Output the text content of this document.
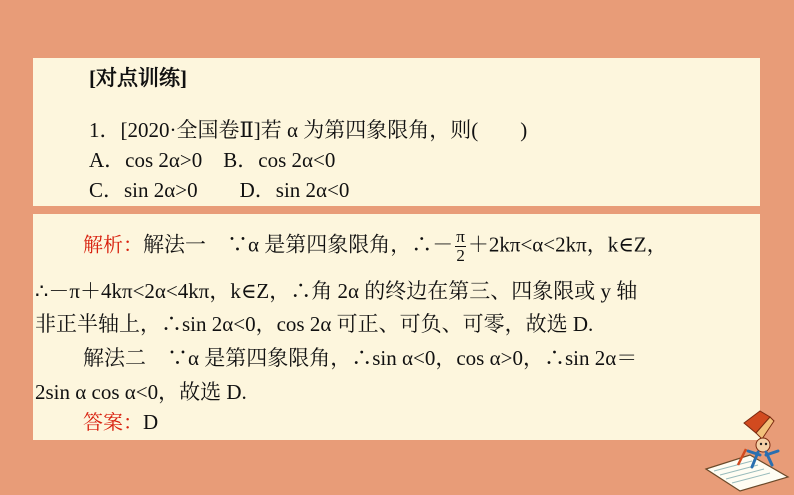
[对点训练]
1．[2020·全国卷Ⅱ]若 α 为第四象限角，则(　　)
A．cos 2α>0　B．cos 2α<0
C．sin 2α>0　　D．sin 2α<0
解析：解法一　∵α 是第四象限角，∴－ $\frac{\pi}{2} +2k\pi<\alpha<2k\pi$，k∈Z，
∴－π＋4kπ<2α<4kπ，k∈Z，∴角 2α 的终边在第三、四象限或 y 轴
非正半轴上，∴sin 2α<0，cos 2α 可正、可负、可零，故选 D.
解法二　∵α 是第四象限角，∴sin α<0，cos α>0，∴sin 2α＝
2sin α cos α<0，故选 D.
答案：D
